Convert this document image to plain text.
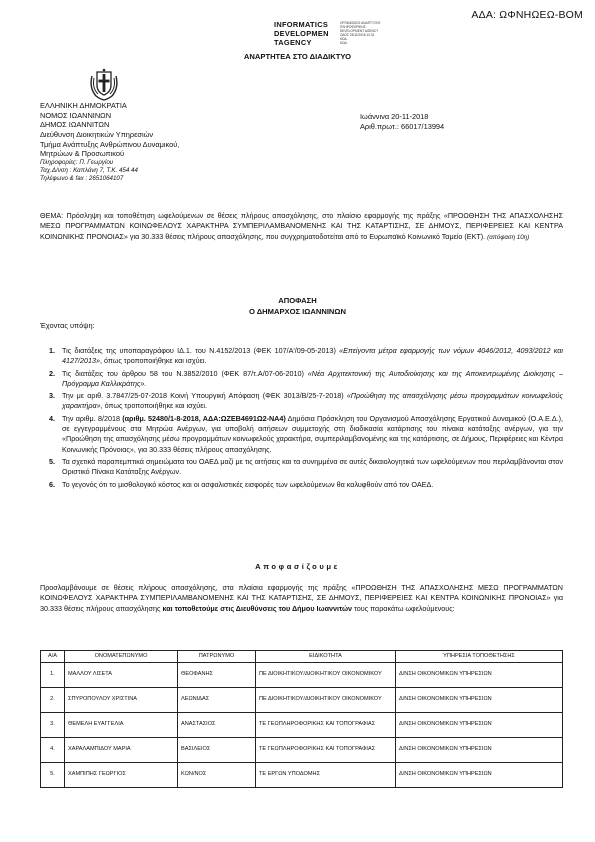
ΑΔΑ: ΩΦΝΗΩΕΩ-ΒΟΜ
INFORMATICS
DEVELOPMEN
TAGENCY
ΟΡΓΑΝΙΣΜΟΣ ΑΝΑΠΤΥΞΗΣ
ΠΛΗΡΟΦΟΡΙΚΗΣ
DEVELOPMENT AGENCY
ΟΔΟΣ 25/11/2018 13:31
ΚΩΔ.
ΚΩΔ:
ΑΝΑΡΤΗΤΕΑ ΣΤΟ ΔΙΑΔΙΚΤΥΟ
ΕΛΛΗΝΙΚΗ ΔΗΜΟΚΡΑΤΙΑ
ΝΟΜΟΣ ΙΩΑΝΝΙΝΩΝ
ΔΗΜΟΣ ΙΩΑΝΝΙΤΩΝ
Διεύθυνση Διοικητικών Υπηρεσιών
Τμήμα Ανάπτυξης Ανθρώπινου Δυναμικού,
Μητρώων & Προσωπικού
Πληροφορίες: Π. Γεωργίου
Ταχ.Δ/νση : Καπλάνη 7, Τ.Κ. 454 44
Τηλέφωνο & fax : 2651064107
Ιωάννινα 20-11-2018
Αριθ.πρωτ.: 66017/13994
ΘΕΜΑ: Πρόσληψη και τοποθέτηση ωφελούμενων σε θέσεις πλήρους απασχόλησης, στο πλαίσιο εφαρμογής της πράξης «ΠΡΟΩΘΗΣΗ ΤΗΣ ΑΠΑΣΧΟΛΗΣΗΣ ΜΕΣΩ ΠΡΟΓΡΑΜΜΑΤΩΝ ΚΟΙΝΩΦΕΛΟΥΣ ΧΑΡΑΚΤΗΡΑ ΣΥΜΠΕΡΙΛΑΜΒΑΝΟΜΕΝΗΣ ΚΑΙ ΤΗΣ ΚΑΤΑΡΤΙΣΗΣ, ΣΕ ΔΗΜΟΥΣ, ΠΕΡΙΦΕΡΕΙΕΣ ΚΑΙ ΚΕΝΤΡΑ ΚΟΙΝΩΝΙΚΗΣ ΠΡΟΝΟΙΑΣ» για 30.333 θέσεις πλήρους απασχόλησης, που συγχρηματοδοτείται από το Ευρωπαϊκό Κοινωνικό Ταμείο (ΕΚΤ). (απόφαση 10η)
ΑΠΟΦΑΣΗ
Ο ΔΗΜΑΡΧΟΣ ΙΩΑΝΝΙΝΩΝ
Έχοντας υπόψη:
1. Τις διατάξεις της υποπαραγράφου ΙΔ.1. του Ν.4152/2013 (ΦΕΚ 107/Α'/09-05-2013) «Επείγοντα μέτρα εφαρμογής των νόμων 4046/2012, 4093/2012 και 4127/2013», όπως τροποποιήθηκε και ισχύει.
2. Τις διατάξεις του άρθρου 58 του Ν.3852/2010 (ΦΕΚ 87/τ.Α/07-06-2010) «Νέα Αρχιτεκτονική της Αυτοδιοίκησης και της Αποκεντρωμένης Διοίκησης – Πρόγραμμα Καλλικράτης».
3. Την με αριθ. 3.7847/25-07-2018 Κοινή Υπουργική Απόφαση (ΦΕΚ 3013/Β/25-7-2018) «Προώθηση της απασχόλησης μέσω προγραμμάτων κοινωφελούς χαρακτήρα», όπως τροποποιήθηκε και ισχύει.
4. Την αριθμ. 8/2018 (αριθμ. 52480/1-8-2018, ΑΔΑ:ΩΖΕΒ4691Ω2-ΝΑ4) Δημόσια Πρόσκληση του Οργανισμού Απασχόλησης Εργατικού Δυναμικού (Ο.Α.Ε.Δ.), σε εγγεγραμμένους στα Μητρώα Ανέργων, για υποβολή αιτήσεων συμμετοχής στη διαδικασία κατάρτισης του πίνακα κατάταξης ανέργων, για την «Προώθηση της απασχόλησης μέσω προγραμμάτων κοινωφελούς χαρακτήρα, συμπεριλαμβανομένης και της κατάρτισης, σε Δήμους, Περιφέρειες και Κέντρα Κοινωνικής Πρόνοιας», για 30.333 θέσεις πλήρους απασχόλησης.
5. Τα σχετικά παραπεμπτικά σημειώματα του ΟΑΕΔ μαζί με τις αιτήσεις και τα συνημμένα σε αυτές δικαιολογητικά των ωφελούμενων που περιλαμβάνονται στον Οριστικό Πίνακα Κατάταξης Ανέργων.
6. Το γεγονός ότι το μισθολογικό κόστος και οι ασφαλιστικές εισφορές των ωφελούμενων θα καλυφθούν από τον ΟΑΕΔ.
Αποφασίζουμε
Προσλαμβάνουμε σε θέσεις πλήρους απασχόλησης, στα πλαίσια εφαρμογής της πράξης «ΠΡΟΩΘΗΣΗ ΤΗΣ ΑΠΑΣΧΟΛΗΣΗΣ ΜΕΣΩ ΠΡΟΓΡΑΜΜΑΤΩΝ ΚΟΙΝΩΦΕΛΟΥΣ ΧΑΡΑΚΤΗΡΑ ΣΥΜΠΕΡΙΛΑΜΒΑΝΟΜΕΝΗΣ ΚΑΙ ΤΗΣ ΚΑΤΑΡΤΙΣΗΣ, ΣΕ ΔΗΜΟΥΣ, ΠΕΡΙΦΕΡΕΙΕΣ ΚΑΙ ΚΕΝΤΡΑ ΚΟΙΝΩΝΙΚΗΣ ΠΡΟΝΟΙΑΣ» για 30.333 θέσεις πλήρους απασχόλησης και τοποθετούμε στις Διευθύνσεις του Δήμου Ιωαννιτών τους παρακάτω ωφελούμενους:
Α/Α	ΟΝΟΜΑΤΕΠΩΝΥΜΟ	ΠΑΤΡΩΝΥΜΟ	ΕΙΔΙΚΟΤΗΤΑ	ΥΠΗΡΕΣΙΑ ΤΟΠΟΘΕΤΗΣΗΣ
1.	ΜΑΛΛΟΥ ΛΙΣΕΤΑ	ΘΕΟΦΑΝΗΣ	ΠΕ ΔΙΟΙΚΗΤΙΚΟΥ/ΔΙΟΙΚΗΤΙΚΟΥ ΟΙΚΟΝΟΜΙΚΟΥ	Δ/ΝΣΗ ΟΙΚΟΝΟΜΙΚΩΝ ΥΠΗΡΕΣΙΩΝ
2.	ΣΠΥΡΟΠΟΥΛΟΥ ΧΡΙΣΤΙΝΑ	ΛΕΩΝΙΔΑΣ	ΠΕ ΔΙΟΙΚΗΤΙΚΟΥ/ΔΙΟΙΚΗΤΙΚΟΥ ΟΙΚΟΝΟΜΙΚΟΥ	Δ/ΝΣΗ ΟΙΚΟΝΟΜΙΚΩΝ ΥΠΗΡΕΣΙΩΝ
3.	ΘΕΜΕΛΗ ΕΥΑΓΓΕΛΙΑ	ΑΝΑΣΤΑΣΙΟΣ	ΤΕ ΓΕΩΠΛΗΡΟΦΟΡΙΚΗΣ ΚΑΙ ΤΟΠΟΓΡΑΦΙΑΣ	Δ/ΝΣΗ ΟΙΚΟΝΟΜΙΚΩΝ ΥΠΗΡΕΣΙΩΝ
4.	ΧΑΡΑΛΑΜΠΙΔΟΥ ΜΑΡΙΑ	ΒΑΣΙΛΕΙΟΣ	ΤΕ ΓΕΩΠΛΗΡΟΦΟΡΙΚΗΣ ΚΑΙ ΤΟΠΟΓΡΑΦΙΑΣ	Δ/ΝΣΗ ΟΙΚΟΝΟΜΙΚΩΝ ΥΠΗΡΕΣΙΩΝ
5.	ΧΑΜΠΙΠΗΣ ΓΕΩΡΓΙΟΣ	ΚΩΝ/ΝΟΣ	ΤΕ ΕΡΓΩΝ ΥΠΟΔΟΜΗΣ	Δ/ΝΣΗ ΟΙΚΟΝΟΜΙΚΩΝ ΥΠΗΡΕΣΙΩΝ
